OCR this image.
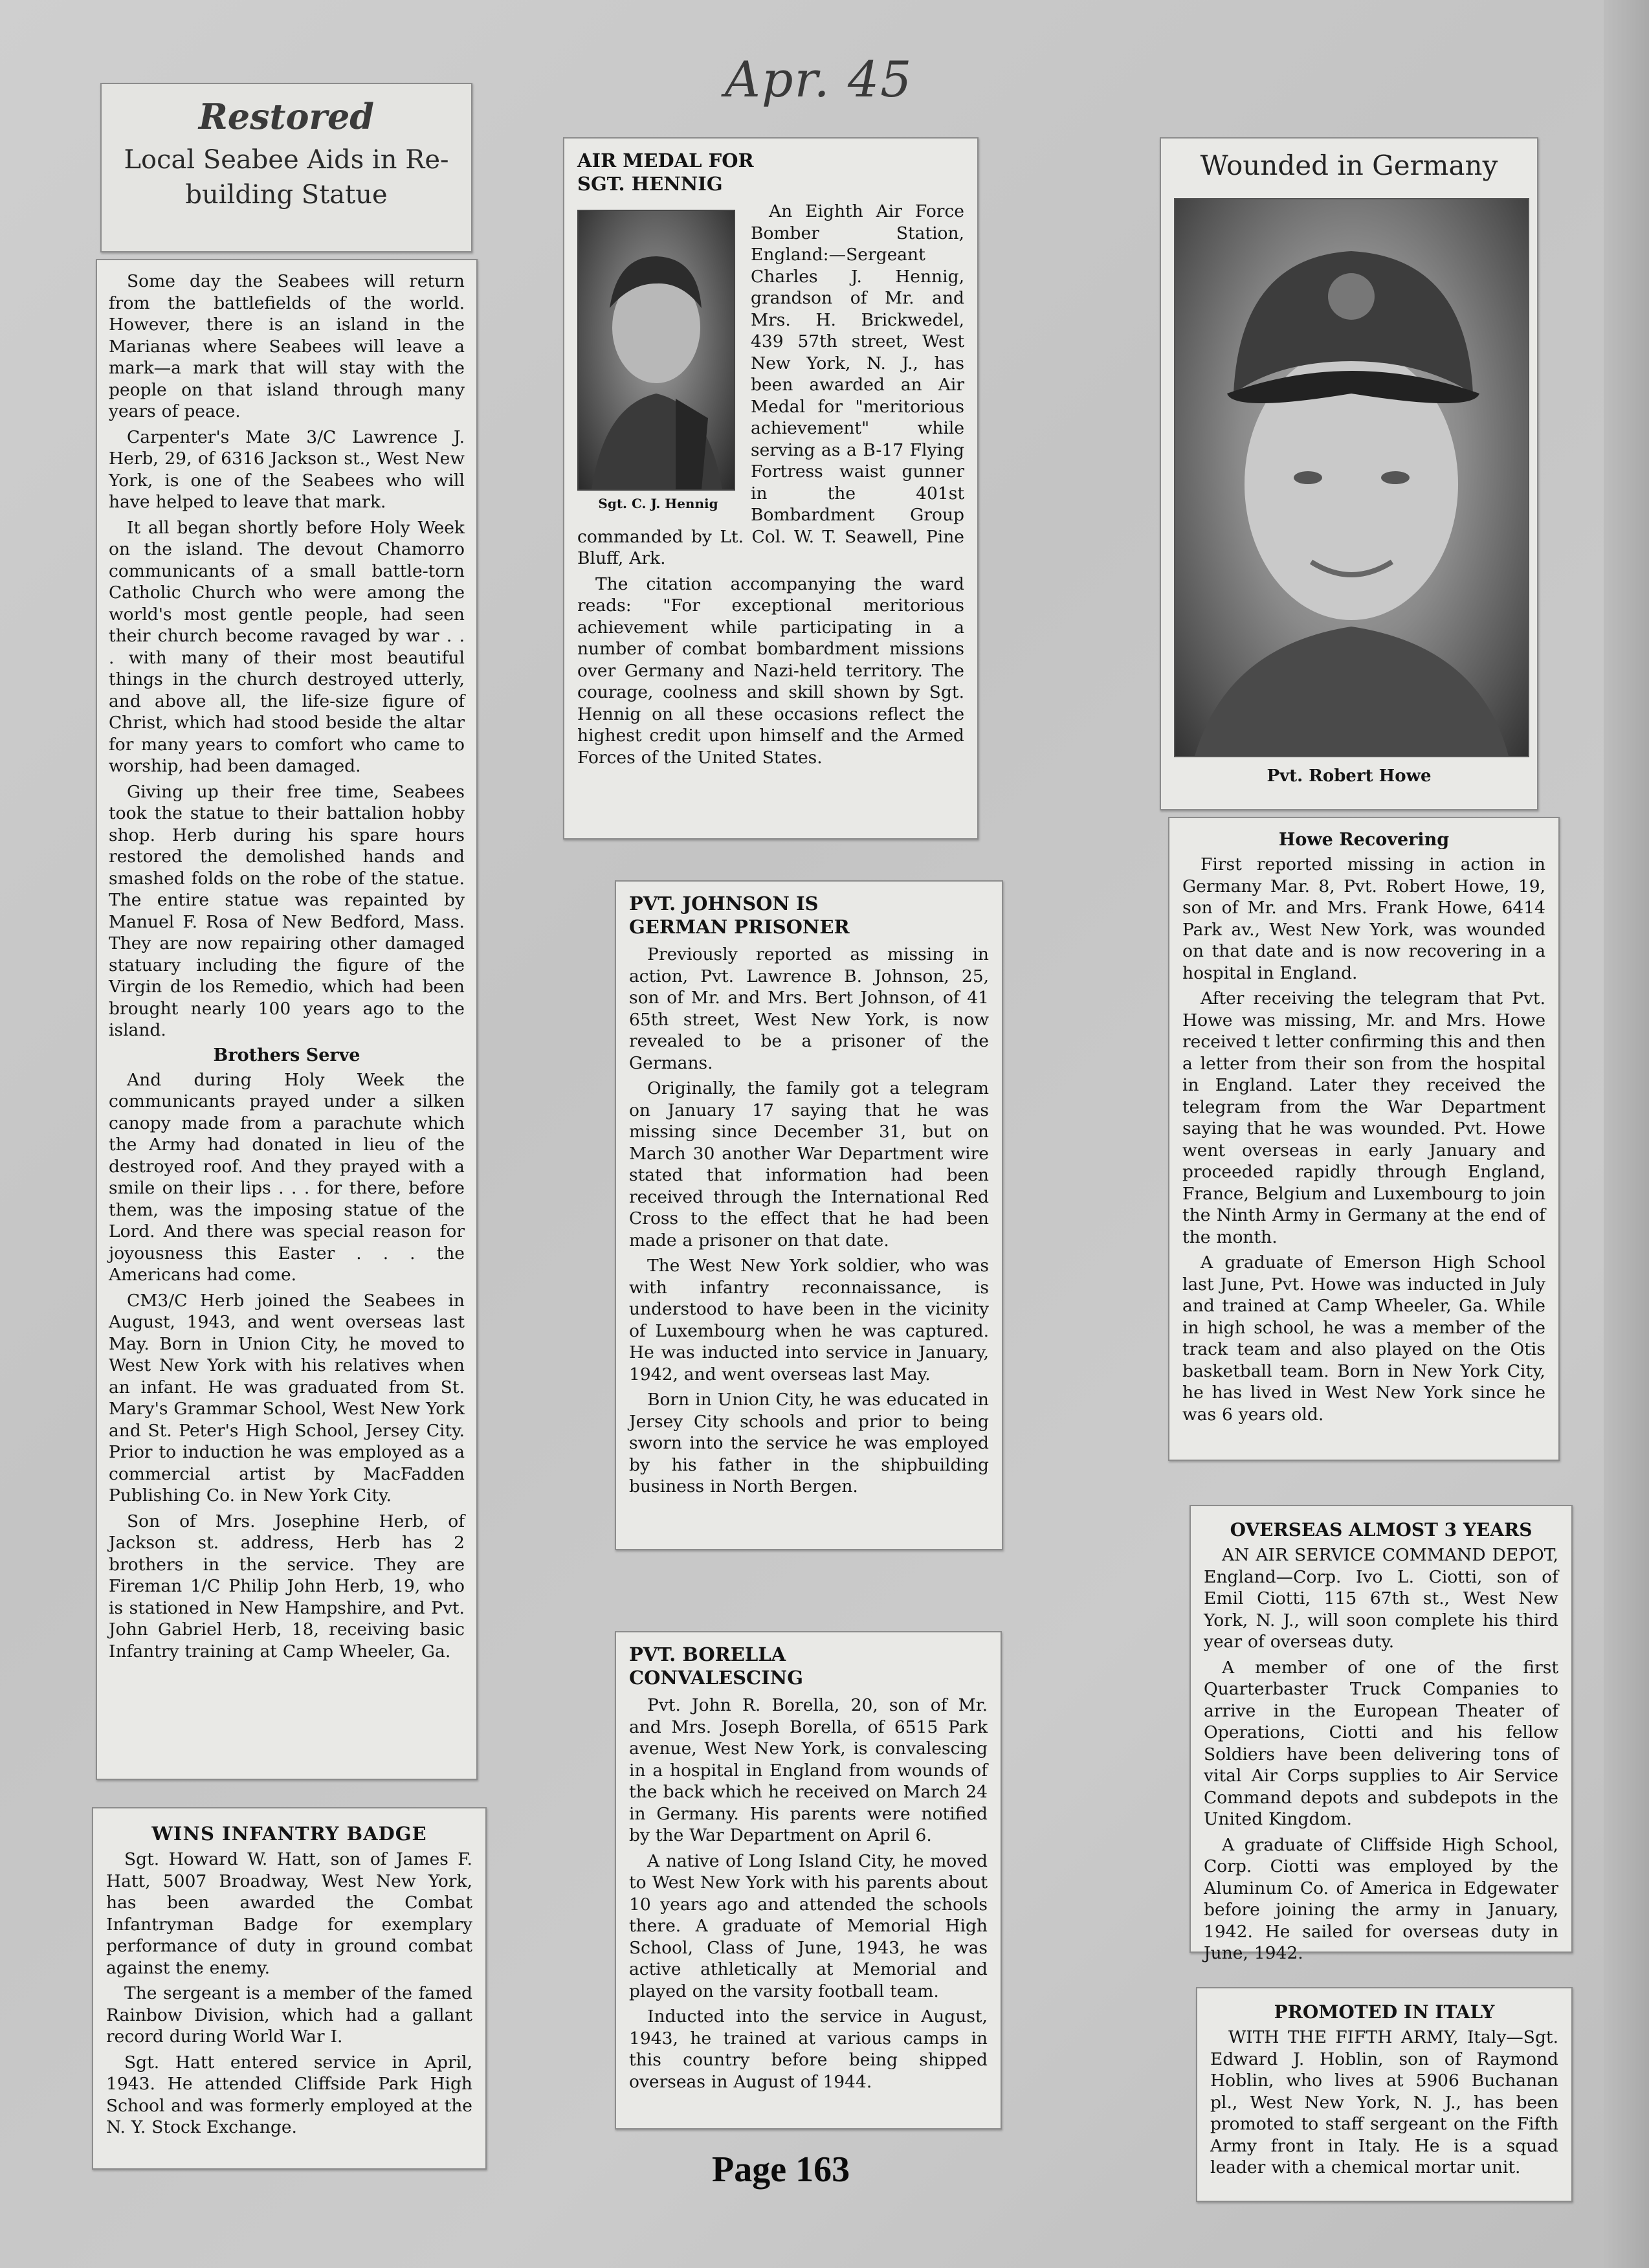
Apr. 45
Restored
Local Seabee Aids in Re-building Statue

Some day the Seabees will return from the battlefields of the world. However, there is an island in the Marianas where Seabees will leave a mark—a mark that will stay with the people on that island through many years of peace.

Carpenter's Mate 3/C Lawrence J. Herb, 29, of 6316 Jackson st., West New York, is one of the Seabees who will have helped to leave that mark.

It all began shortly before Holy Week on the island. The devout Chamorro communicants of a small battle-torn Catholic Church who were among the world's most gentle people, had seen their church become ravaged by war . . . with many of their most beautiful things in the church destroyed utterly, and above all, the life-size figure of Christ, which had stood beside the altar for many years to comfort who came to worship, had been damaged.

Giving up their free time, Seabees took the statue to their battalion hobby shop. Herb during his spare hours restored the demolished hands and smashed folds on the robe of the statue. The entire statue was repainted by Manuel F. Rosa of New Bedford, Mass. They are now repairing other damaged statuary including the figure of the Virgin de los Remedio, which had been brought nearly 100 years ago to the island.

Brothers Serve

And during Holy Week the communicants prayed under a silken canopy made from a parachute which the Army had donated in lieu of the destroyed roof. And they prayed with a smile on their lips . . . for there, before them, was the imposing statue of the Lord. And there was special reason for joyousness this Easter . . . the Americans had come.

CM3/C Herb joined the Seabees in August, 1943, and went overseas last May. Born in Union City, he moved to West New York with his relatives when an infant. He was graduated from St. Mary's Grammar School, West New York and St. Peter's High School, Jersey City. Prior to induction he was employed as a commercial artist by MacFadden Publishing Co. in New York City.

Son of Mrs. Josephine Herb, of Jackson st. address, Herb has 2 brothers in the service. They are Fireman 1/C Philip John Herb, 19, who is stationed in New Hampshire, and Pvt. John Gabriel Herb, 18, receiving basic Infantry training at Camp Wheeler, Ga.

WINS INFANTRY BADGE

Sgt. Howard W. Hatt, son of James F. Hatt, 5007 Broadway, West New York, has been awarded the Combat Infantryman Badge for exemplary performance of duty in ground combat against the enemy.

The sergeant is a member of the famed Rainbow Division, which had a gallant record during World War I.

Sgt. Hatt entered service in April, 1943. He attended Cliffside Park High School and was formerly employed at the N. Y. Stock Exchange.

AIR MEDAL FOR SGT. HENNIG
Sgt. C. J. Hennig

An Eighth Air Force Bomber Station, England:—Sergeant Charles J. Hennig, grandson of Mr. and Mrs. H. Brickwedel, 439 57th street, West New York, N. J., has been awarded an Air Medal for "meritorious achievement" while serving as a B-17 Flying Fortress waist gunner in the 401st Bombardment Group commanded by Lt. Col. W. T. Seawell, Pine Bluff, Ark.

The citation accompanying the ward reads: "For exceptional meritorious achievement while participating in a number of combat bombardment missions over Germany and Nazi-held territory. The courage, coolness and skill shown by Sgt. Hennig on all these occasions reflect the highest credit upon himself and the Armed Forces of the United States.

PVT. JOHNSON IS GERMAN PRISONER

Previously reported as missing in action, Pvt. Lawrence B. Johnson, 25, son of Mr. and Mrs. Bert Johnson, of 41 65th street, West New York, is now revealed to be a prisoner of the Germans.

Originally, the family got a telegram on January 17 saying that he was missing since December 31, but on March 30 another War Department wire stated that information had been received through the International Red Cross to the effect that he had been made a prisoner on that date.

The West New York soldier, who was with infantry reconnaissance, is understood to have been in the vicinity of Luxembourg when he was captured. He was inducted into service in January, 1942, and went overseas last May.

Born in Union City, he was educated in Jersey City schools and prior to being sworn into the service he was employed by his father in the shipbuilding business in North Bergen.

PVT. BORELLA CONVALESCING

Pvt. John R. Borella, 20, son of Mr. and Mrs. Joseph Borella, of 6515 Park avenue, West New York, is convalescing in a hospital in England from wounds of the back which he received on March 24 in Germany. His parents were notified by the War Department on April 6.

A native of Long Island City, he moved to West New York with his parents about 10 years ago and attended the schools there. A graduate of Memorial High School, Class of June, 1943, he was active athletically at Memorial and played on the varsity football team.

Inducted into the service in August, 1943, he trained at various camps in this country before being shipped overseas in August of 1944.

Wounded in Germany
Pvt. Robert Howe
Howe Recovering

First reported missing in action in Germany Mar. 8, Pvt. Robert Howe, 19, son of Mr. and Mrs. Frank Howe, 6414 Park av., West New York, was wounded on that date and is now recovering in a hospital in England.

After receiving the telegram that Pvt. Howe was missing, Mr. and Mrs. Howe received t letter confirming this and then a letter from their son from the hospital in England. Later they received the telegram from the War Department saying that he was wounded. Pvt. Howe went overseas in early January and proceeded rapidly through England, France, Belgium and Luxembourg to join the Ninth Army in Germany at the end of the month.

A graduate of Emerson High School last June, Pvt. Howe was inducted in July and trained at Camp Wheeler, Ga. While in high school, he was a member of the track team and also played on the Otis basketball team. Born in New York City, he has lived in West New York since he was 6 years old.

OVERSEAS ALMOST 3 YEARS

AN AIR SERVICE COMMAND DEPOT, England—Corp. Ivo L. Ciotti, son of Emil Ciotti, 115 67th st., West New York, N. J., will soon complete his third year of overseas duty.

A member of one of the first Quarterbaster Truck Companies to arrive in the European Theater of Operations, Ciotti and his fellow Soldiers have been delivering tons of vital Air Corps supplies to Air Service Command depots and subdepots in the United Kingdom.

A graduate of Cliffside High School, Corp. Ciotti was employed by the Aluminum Co. of America in Edgewater before joining the army in January, 1942. He sailed for overseas duty in June, 1942.

PROMOTED IN ITALY

WITH THE FIFTH ARMY, Italy—Sgt. Edward J. Hoblin, son of Raymond Hoblin, who lives at 5906 Buchanan pl., West New York, N. J., has been promoted to staff sergeant on the Fifth Army front in Italy. He is a squad leader with a chemical mortar unit.

Page 163
